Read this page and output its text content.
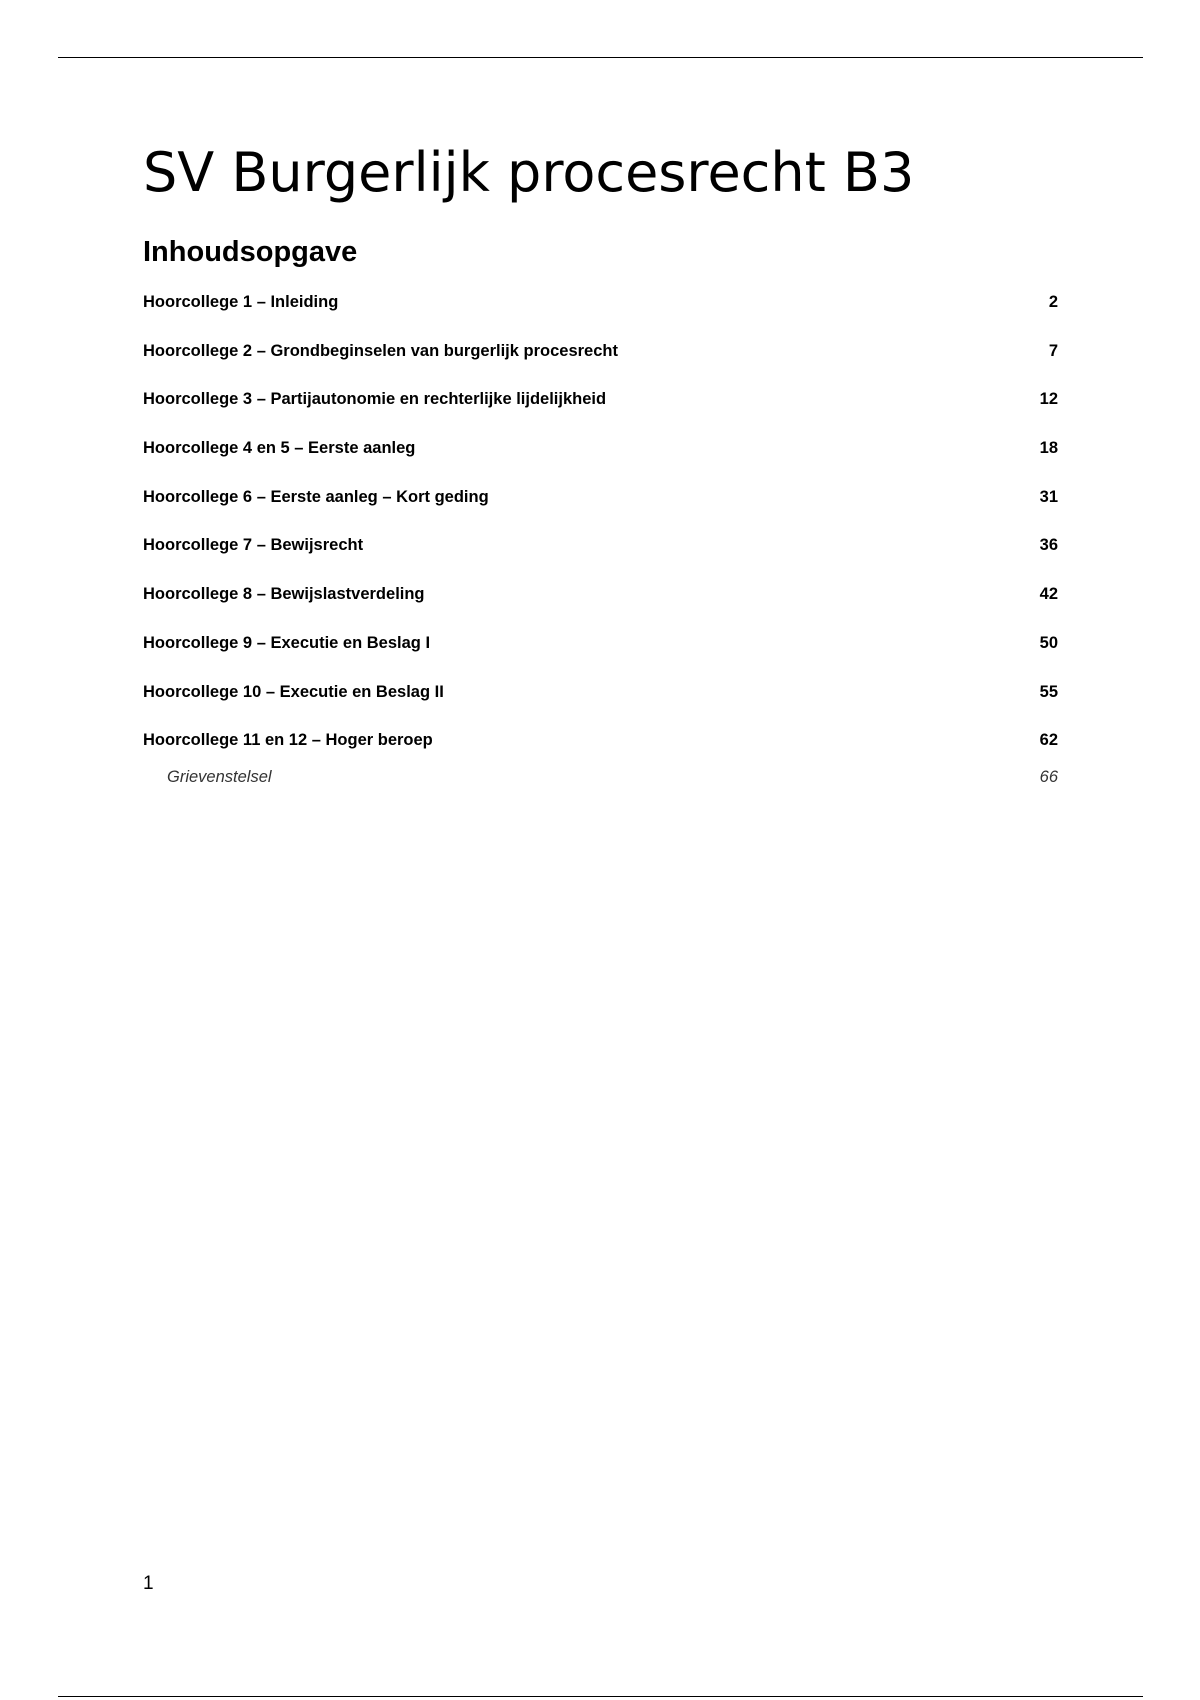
SV Burgerlijk procesrecht B3
Inhoudsopgave
Hoorcollege 1 – Inleiding	2
Hoorcollege 2 – Grondbeginselen van burgerlijk procesrecht	7
Hoorcollege 3 – Partijautonomie en rechterlijke lijdelijkheid	12
Hoorcollege 4 en 5 – Eerste aanleg	18
Hoorcollege 6 – Eerste aanleg – Kort geding	31
Hoorcollege 7 – Bewijsrecht	36
Hoorcollege 8 – Bewijslastverdeling	42
Hoorcollege 9 – Executie en Beslag I	50
Hoorcollege 10 – Executie en Beslag II	55
Hoorcollege 11 en 12 – Hoger beroep	62
Grievenstelsel	66
1
